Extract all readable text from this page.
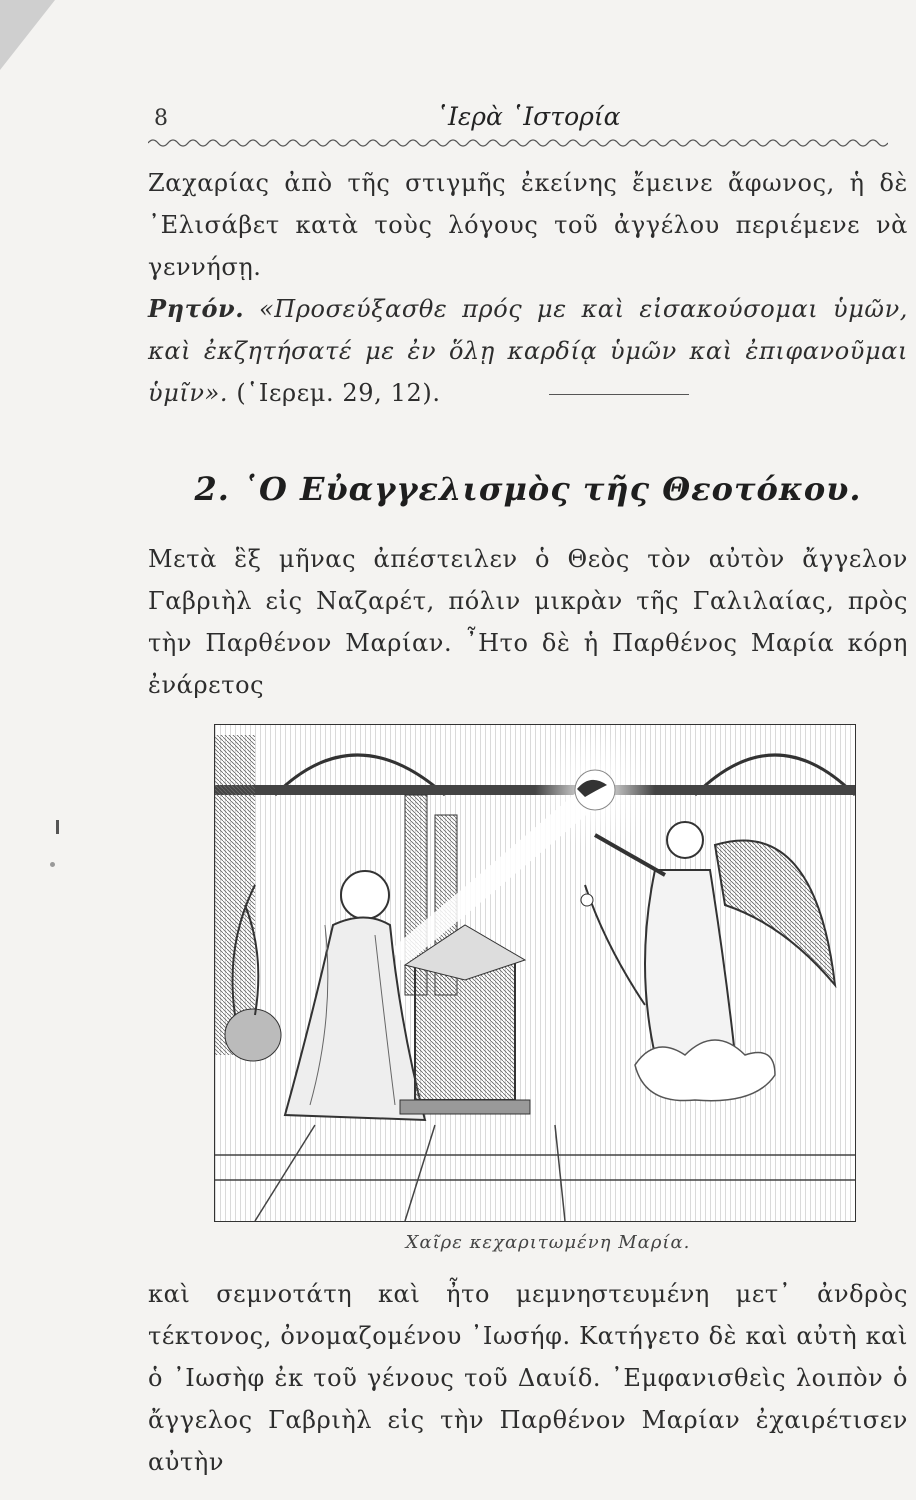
8	῾Ιερὰ ῾Ιστορία

Ζαχαρίας ἀπὸ τῆς στιγμῆς ἐκείνης ἔμεινε ἄφωνος, ἡ δὲ ᾿Ελισάβετ κατὰ τοὺς λόγους τοῦ ἀγγέλου περιέμενε νὰ γεννήσῃ.

Ρητόν. «Προσεύξασθε πρός με καὶ εἰσακούσομαι ὑμῶν, καὶ ἐκζητήσατέ με ἐν ὅλῃ καρδίᾳ ὑμῶν καὶ ἐπιφανοῦμαι ὑμῖν». (῾Ιερεμ. 29, 12).

2. ῾Ο Εὐαγγελισμὸς τῆς Θεοτόκου.

Μετὰ ἓξ μῆνας ἀπέστειλεν ὁ Θεὸς τὸν αὐτὸν ἄγγελον Γαβριὴλ εἰς Ναζαρέτ, πόλιν μικρὰν τῆς Γαλιλαίας, πρὸς τὴν Παρθένον Μαρίαν. ῏Ητο δὲ ἡ Παρθένος Μαρία κόρη ἐνάρετος

Χαῖρε κεχαριτωμένη Μαρία.

καὶ σεμνοτάτη καὶ ἦτο μεμνηστευμένη μετ᾿ ἀνδρὸς τέκτονος, ὀνομαζομένου ᾿Ιωσήφ. Κατήγετο δὲ καὶ αὐτὴ καὶ ὁ ᾿Ιωσὴφ ἐκ τοῦ γένους τοῦ Δαυίδ. ᾿Εμφανισθεὶς λοιπὸν ὁ ἄγγελος Γαβριὴλ εἰς τὴν Παρθένον Μαρίαν ἐχαιρέτισεν αὐτὴν
